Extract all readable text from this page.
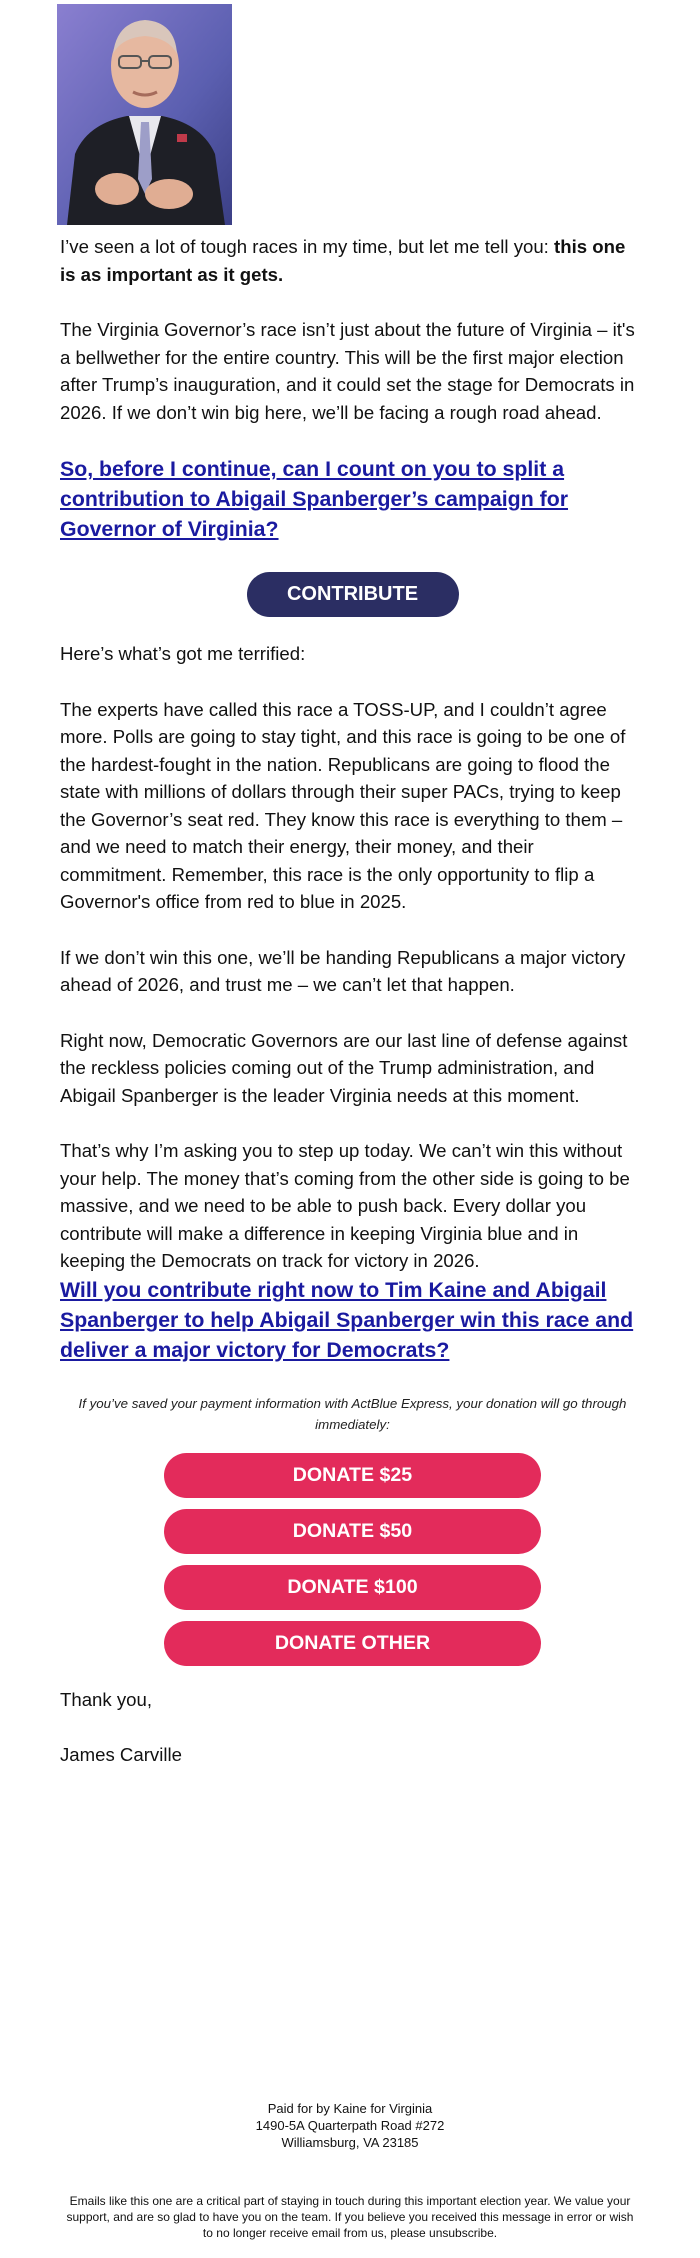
I’ve seen a lot of tough races in my time, but let me tell you: this one is as important as it gets.

The Virginia Governor’s race isn’t just about the future of Virginia – it's a bellwether for the entire country. This will be the first major election after Trump’s inauguration, and it could set the stage for Democrats in 2026. If we don’t win big here, we’ll be facing a rough road ahead.

So, before I continue, can I count on you to split a contribution to Abigail Spanberger’s campaign for Governor of Virginia?

CONTRIBUTE

Here’s what’s got me terrified:

The experts have called this race a TOSS-UP, and I couldn’t agree more. Polls are going to stay tight, and this race is going to be one of the hardest-fought in the nation. Republicans are going to flood the state with millions of dollars through their super PACs, trying to keep the Governor’s seat red. They know this race is everything to them – and we need to match their energy, their money, and their commitment. Remember, this race is the only opportunity to flip a Governor's office from red to blue in 2025.

If we don’t win this one, we’ll be handing Republicans a major victory ahead of 2026, and trust me – we can’t let that happen.

Right now, Democratic Governors are our last line of defense against the reckless policies coming out of the Trump administration, and Abigail Spanberger is the leader Virginia needs at this moment.

That’s why I’m asking you to step up today. We can’t win this without your help. The money that’s coming from the other side is going to be massive, and we need to be able to push back. Every dollar you contribute will make a difference in keeping Virginia blue and in keeping the Democrats on track for victory in 2026.

Will you contribute right now to Tim Kaine and Abigail Spanberger to help Abigail Spanberger win this race and deliver a major victory for Democrats?

If you’ve saved your payment information with ActBlue Express, your donation will go through immediately:
DONATE $25
DONATE $50
DONATE $100
DONATE OTHER

Thank you,

James Carville

Paid for by Kaine for Virginia
1490-5A Quarterpath Road #272
Williamsburg, VA 23185
Emails like this one are a critical part of staying in touch during this important election year. We value your support, and are so glad to have you on the team. If you believe you received this message in error or wish to no longer receive email from us, please unsubscribe.
